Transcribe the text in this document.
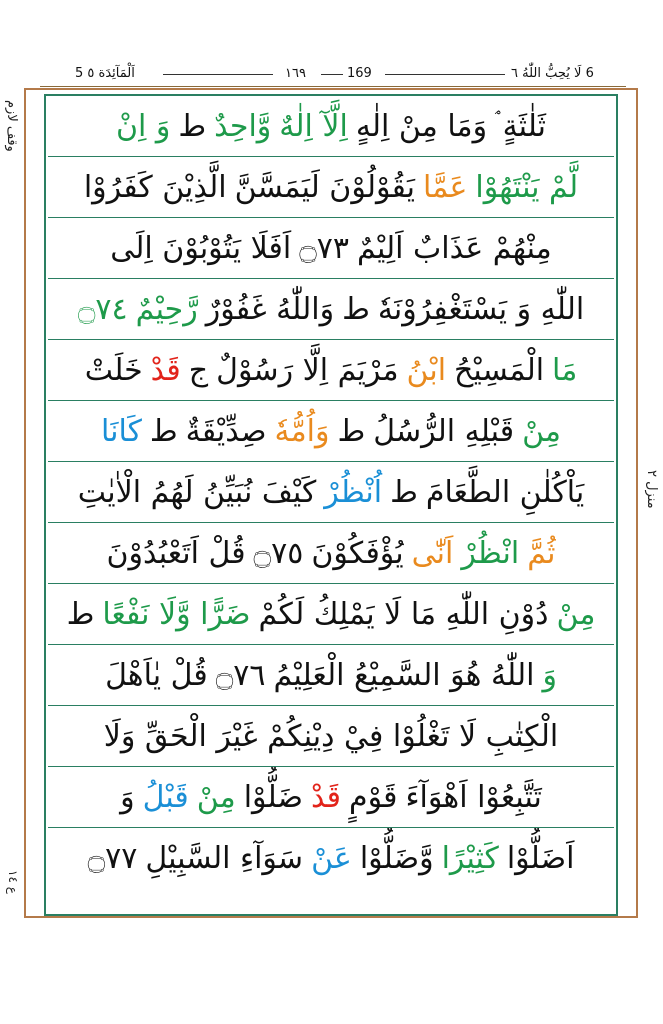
5 اَلْمَآئِدَة ٥	١٦٩	169	6 لَا يُحِبُّ اللّٰهُ ٦
وقف لازم
منزل ٢
ع ١٤
ثَلٰثَةٍ ۘ
وَمَا مِنْ اِلٰهٍ
اِلَّآ اِلٰهٌ
وَّاحِدٌ
ط
وَ اِنْ
لَّمْ يَنْتَهُوْا
عَمَّا
يَقُوْلُوْنَ لَيَمَسَّنَّ
الَّذِيْنَ كَفَرُوْا
مِنْهُمْ عَذَابٌ اَلِيْمٌ
۝٧٣
اَفَلَا يَتُوْبُوْنَ اِلَى
اللّٰهِ وَ يَسْتَغْفِرُوْنَهٗ
ط
وَاللّٰهُ غَفُوْرٌ
رَّحِيْمٌ
۝٧٤
مَا
الْمَسِيْحُ
ابْنُ
مَرْيَمَ اِلَّا رَسُوْلٌ
ج
قَدْ
خَلَتْ
مِنْ
قَبْلِهِ الرُّسُلُ
ط
وَاُمُّهٗ
صِدِّيْقَةٌ
ط
كَانَا
يَاْكُلٰنِ الطَّعَامَ
ط
اُنْظُرْ
كَيْفَ نُبَيِّنُ لَهُمُ الْاٰيٰتِ
ثُمَّ
انْظُرْ
اَنّٰى
يُؤْفَكُوْنَ
۝٧٥
قُلْ اَتَعْبُدُوْنَ
مِنْ
دُوْنِ اللّٰهِ مَا لَا يَمْلِكُ لَكُمْ
ضَرًّا وَّلَا نَفْعًا
ط
وَ
اللّٰهُ هُوَ السَّمِيْعُ الْعَلِيْمُ
۝٧٦
قُلْ يٰاَهْلَ
الْكِتٰبِ لَا تَغْلُوْا فِيْ دِيْنِكُمْ غَيْرَ الْحَقِّ وَلَا
تَتَّبِعُوْا اَهْوَآءَ
قَوْمٍ
قَدْ
ضَلُّوْا
مِنْ
قَبْلُ
وَ
اَضَلُّوْا
كَثِيْرًا
وَّضَلُّوْا
عَنْ
سَوَآءِ السَّبِيْلِ
۝٧٧
